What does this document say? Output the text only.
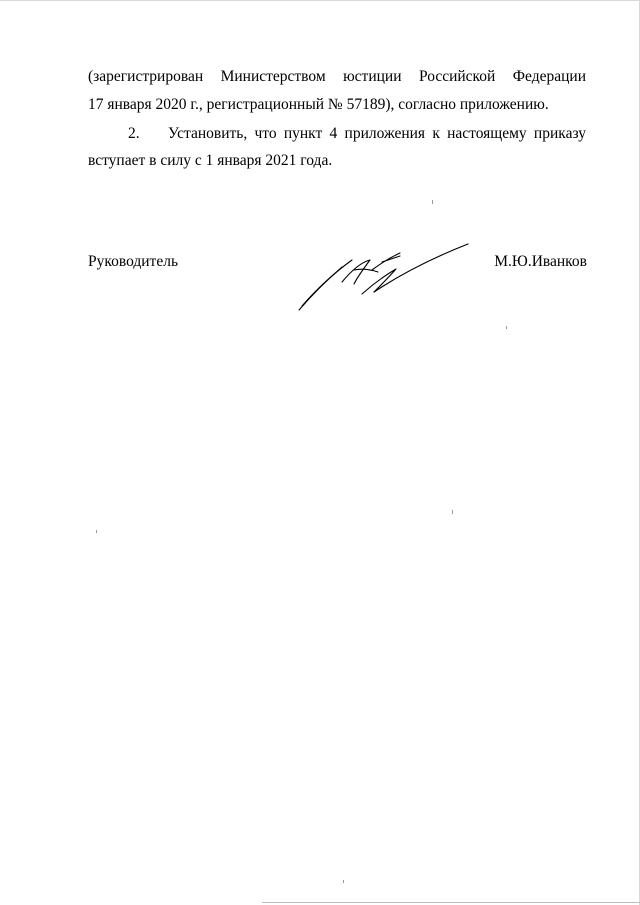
(зарегистрирован Министерством юстиции Российской Федерации
17 января 2020 г., регистрационный № 57189), согласно приложению.
2. Установить, что пункт 4 приложения к настоящему приказу
вступает в силу с 1 января 2021 года.
Руководитель	М.Ю.Иванков
